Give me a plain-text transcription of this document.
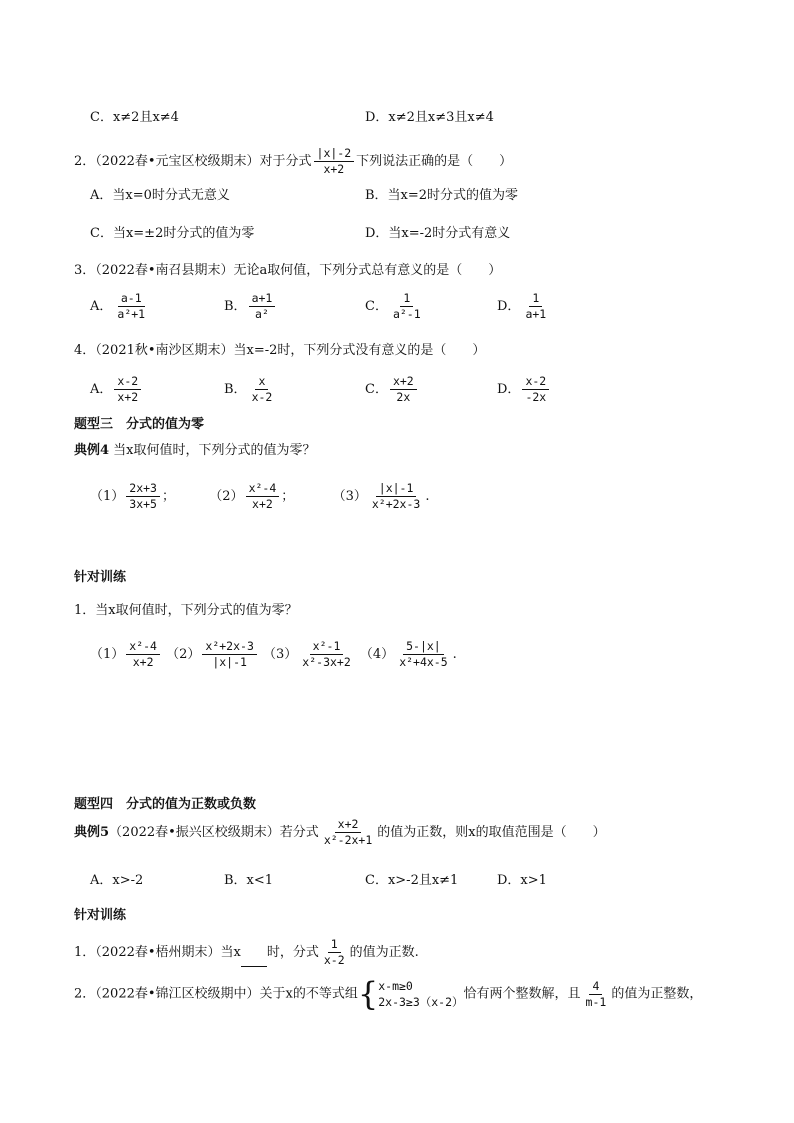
C．x≠2且x≠4	D．x≠2且x≠3且x≠4
2．（2022春•元宝区校级期末）对于分式 $\frac{|x|-2}{x+2}$ 下列说法正确的是（　　）
A．当x=0时分式无意义	B．当x=2时分式的值为零
C．当x=±2时分式的值为零	D．当x=-2时分式有意义
3．（2022春•南召县期末）无论a取何值，下列分式总有意义的是（　　）
A． $\frac{a-1}{\text{a²+1}}$	B． $\frac{a+1}{\text{a²}}$	C． $\frac{1}{\text{a²-1}}$	D． $\frac{1}{a+1}$
4．（2021秋•南沙区期末）当x=-2时，下列分式没有意义的是（　　）
A． $\frac{x-2}{x+2}$	B． $\frac{x}{x-2}$	C． $\frac{x+2}{2x}$	D． $\frac{x-2}{-2x}$
题型三　分式的值为零
典例4 当x取何值时，下列分式的值为零？
$(1) \frac{2x+3}{3x+5}$ ；	$(2) \frac{\text{x²-4}}{x+2}$ ；	$(3) \frac{|x|-1}{\text{x²+2x-3}}$ .
针对训练
1．当x取何值时，下列分式的值为零？
$(1) \frac{\text{x²-4}}{x+2} (2) \frac{\text{x²+2x-3}}{|x|-1} (3) \frac{\text{x²-1}}{\text{x²-3x+2}} (4) \frac{5-|x|}{\text{x²+4x-5}}$ .
题型四　分式的值为正数或负数
典例5（2022春•振兴区校级期末）若分式 $\frac{x+2}{\text{x²-2x+1}}$ 的值为正数，则x的取值范围是（　　）
A．x>-2	B．x<1	C．x>-2且x≠1	D．x>1
针对训练
1．（2022春•梧州期末）当x 时，分式 $\frac{1}{x-2}$ 的值为正数.
2．（2022春•锦江区校级期中）关于x的不等式组{ x-m≥0
2x-3≥3（x-2）
恰有两个整数解，且 $\frac{4}{m-1}$ 的值为正整数，
